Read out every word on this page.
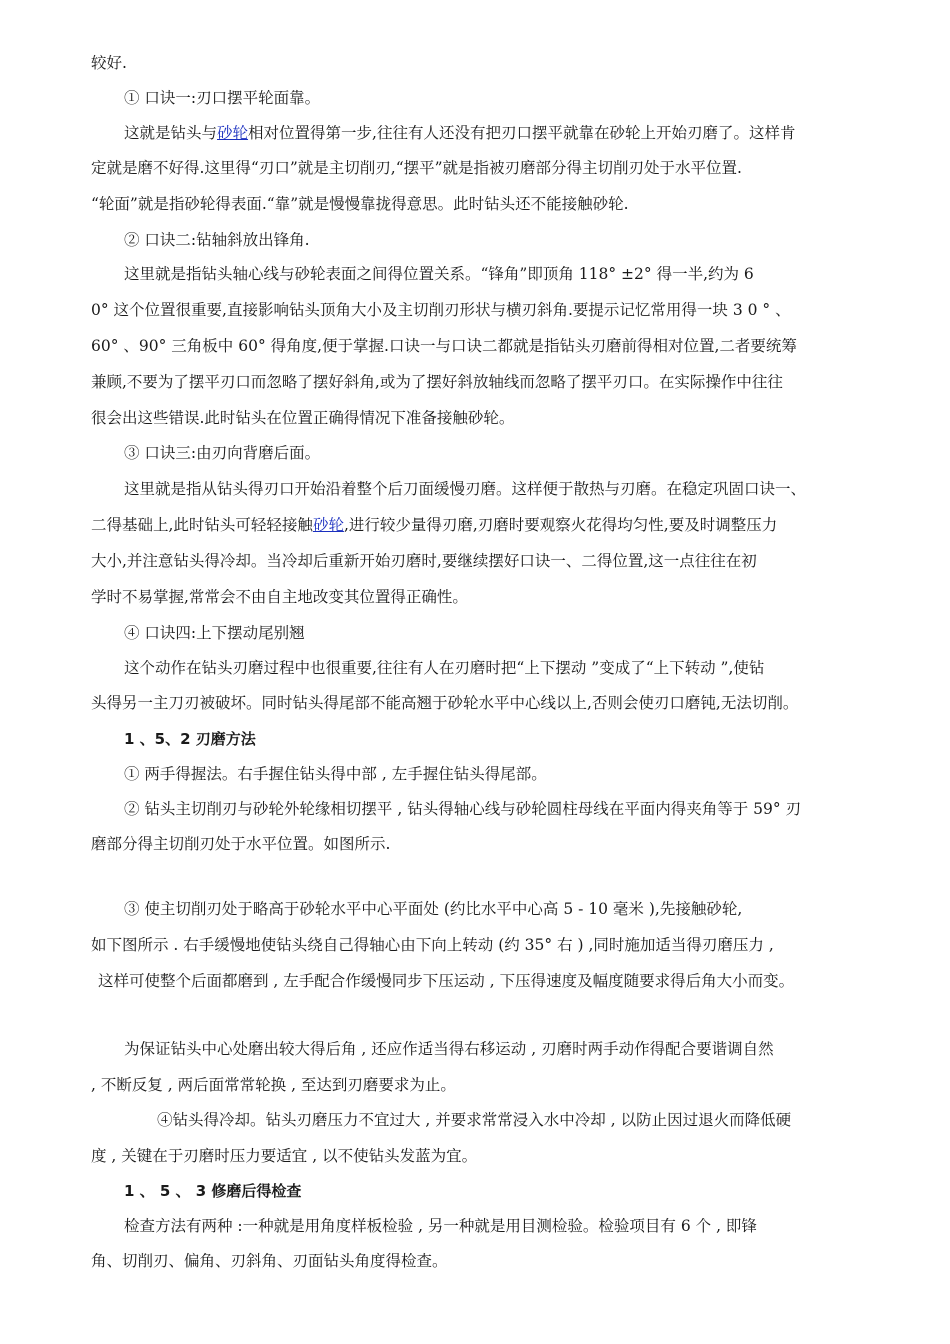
较好.
① 口诀一:刃口摆平轮面靠。
这就是钻头与砂轮相对位置得第一步,往往有人还没有把刃口摆平就靠在砂轮上开始刃磨了。这样肯
定就是磨不好得.这里得“刃口”就是主切削刃,“摆平”就是指被刃磨部分得主切削刃处于水平位置.
“轮面”就是指砂轮得表面.“靠”就是慢慢靠拢得意思。此时钻头还不能接触砂轮.
② 口诀二:钻轴斜放出锋角.
这里就是指钻头轴心线与砂轮表面之间得位置关系。“锋角”即顶角 118° ±2° 得一半,约为 6
0° 这个位置很重要,直接影响钻头顶角大小及主切削刃形状与横刃斜角.要提示记忆常用得一块 3 0 ° 、
60° 、90° 三角板中 60° 得角度,便于掌握.口诀一与口诀二都就是指钻头刃磨前得相对位置,二者要统筹
兼顾,不要为了摆平刃口而忽略了摆好斜角,或为了摆好斜放轴线而忽略了摆平刃口。在实际操作中往往
很会出这些错误.此时钻头在位置正确得情况下准备接触砂轮。
③ 口诀三:由刃向背磨后面。
这里就是指从钻头得刃口开始沿着整个后刀面缓慢刃磨。这样便于散热与刃磨。在稳定巩固口诀一、
二得基础上,此时钻头可轻轻接触砂轮,进行较少量得刃磨,刃磨时要观察火花得均匀性,要及时调整压力
大小,并注意钻头得冷却。当冷却后重新开始刃磨时,要继续摆好口诀一、二得位置,这一点往往在初
学时不易掌握,常常会不由自主地改变其位置得正确性。
④ 口诀四:上下摆动尾别翘
这个动作在钻头刃磨过程中也很重要,往往有人在刃磨时把“上下摆动 ”变成了“上下转动 ”,使钻
头得另一主刀刃被破坏。同时钻头得尾部不能高翘于砂轮水平中心线以上,否则会使刃口磨钝,无法切削。
1 、5、2 刃磨方法
① 两手得握法。右手握住钻头得中部 , 左手握住钻头得尾部。
② 钻头主切削刃与砂轮外轮缘相切摆平 , 钻头得轴心线与砂轮圆柱母线在平面内得夹角等于 59° 刃
磨部分得主切削刃处于水平位置。如图所示.
③ 使主切削刃处于略高于砂轮水平中心平面处 (约比水平中心高 5 - 10 毫米 ),先接触砂轮,
如下图所示 . 右手缓慢地使钻头绕自己得轴心由下向上转动 (约 35° 右 ) ,同时施加适当得刃磨压力 ,
这样可使整个后面都磨到 , 左手配合作缓慢同步下压运动 , 下压得速度及幅度随要求得后角大小而变。
为保证钻头中心处磨出较大得后角 , 还应作适当得右移运动 , 刃磨时两手动作得配合要谐调自然
, 不断反复 , 两后面常常轮换 , 至达到刃磨要求为止。
④钻头得冷却。钻头刃磨压力不宜过大 , 并要求常常浸入水中冷却 , 以防止因过退火而降低硬
度 , 关键在于刃磨时压力要适宜 , 以不使钻头发蓝为宜。
1 、 5 、 3 修磨后得检查
检查方法有两种 :一种就是用角度样板检验 , 另一种就是用目测检验。检验项目有 6 个 , 即锋
角、切削刃、偏角、刃斜角、刃面钻头角度得检查。
